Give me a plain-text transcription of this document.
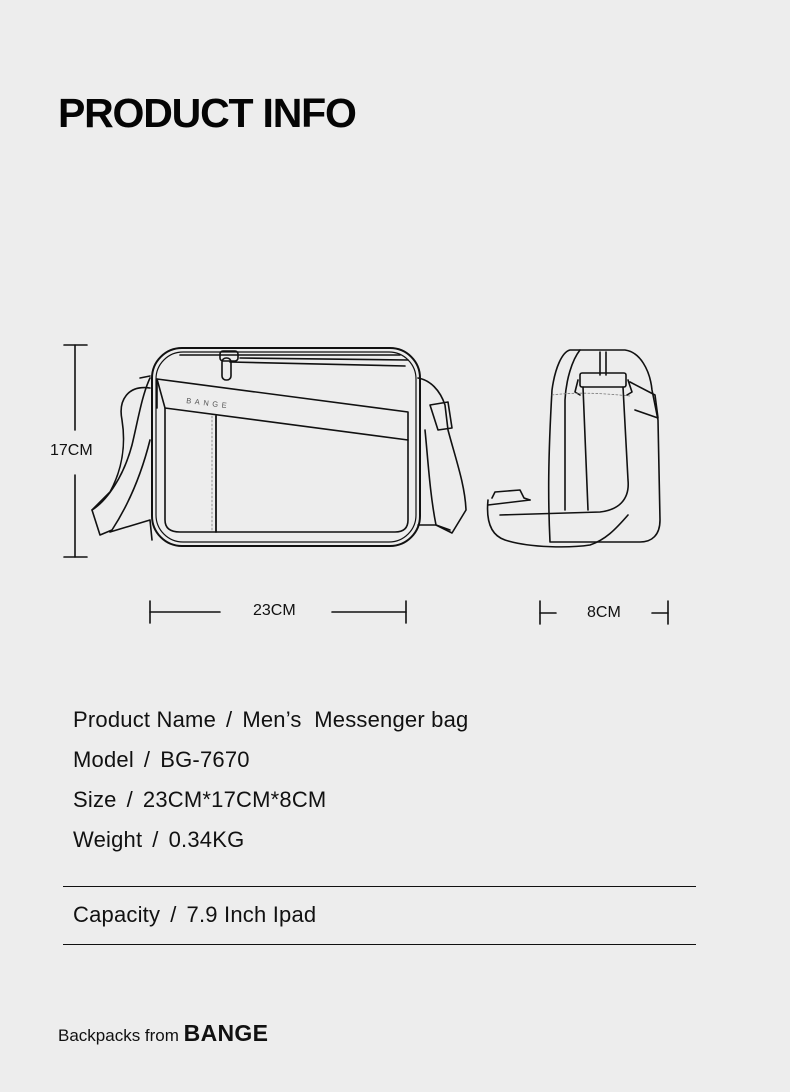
PRODUCT INFO
BANGE
17CM
23CM	8CM
Product Name / Men’s  Messenger bag
Model / BG-7670
Size / 23CM*17CM*8CM
Weight / 0.34KG
Capacity / 7.9 Inch Ipad
Backpacks from BANGE
